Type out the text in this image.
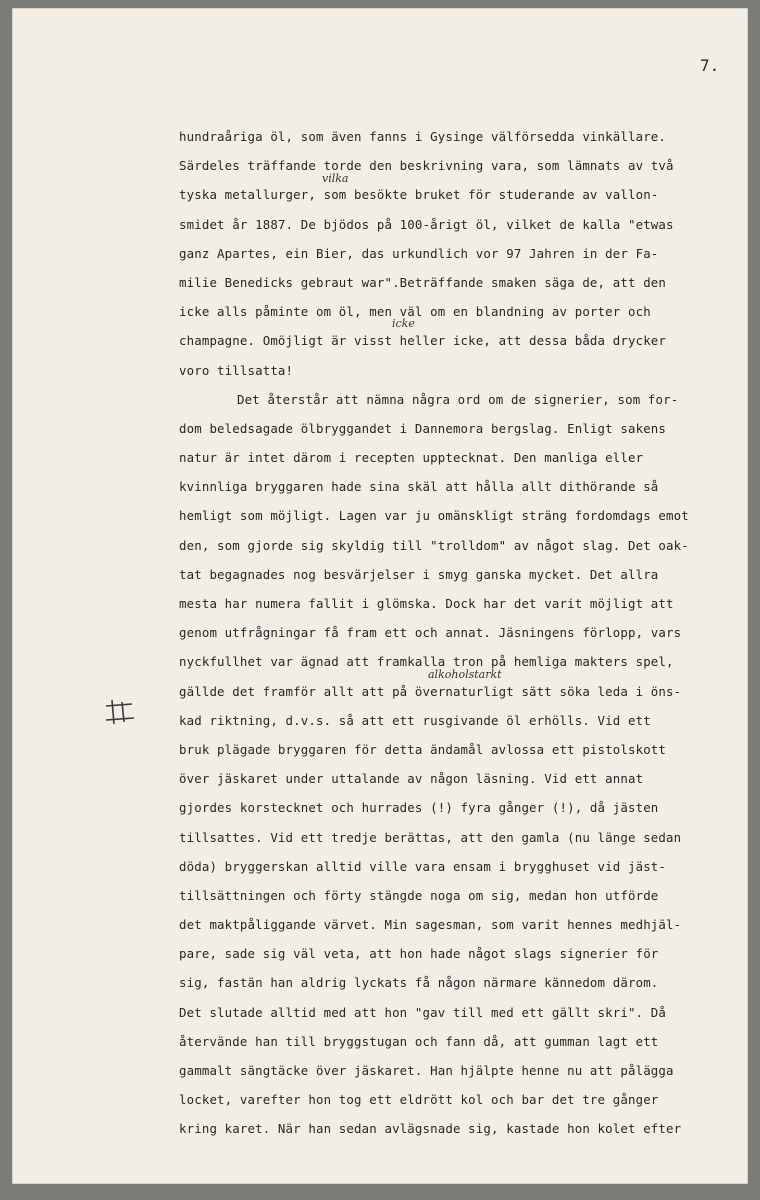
7.
vilka
icke
alkoholstarkt
hundraåriga öl, som även fanns i Gysinge välförsedda vinkällare.
Särdeles träffande torde den beskrivning vara, som lämnats av två
tyska metallurger, som besökte bruket för studerande av vallon-
smidet år 1887. De bjödos på 100-årigt öl, vilket de kalla "etwas
ganz Apartes, ein Bier, das urkundlich vor 97 Jahren in der Fa-
milie Benedicks gebraut war".Beträffande smaken säga de, att den
icke alls påminte om öl, men väl om en blandning av porter och
champagne. Omöjligt är visst heller icke, att dessa båda drycker
voro tillsatta!
Det återstår att nämna några ord om de signerier, som for-
dom beledsagade ölbryggandet i Dannemora bergslag. Enligt sakens
natur är intet därom i recepten upptecknat. Den manliga eller
kvinnliga bryggaren hade sina skäl att hålla allt dithörande så
hemligt som möjligt. Lagen var ju omänskligt sträng fordomdags emot
den, som gjorde sig skyldig till "trolldom" av något slag. Det oak-
tat begagnades nog besvärjelser i smyg ganska mycket. Det allra
mesta har numera fallit i glömska. Dock har det varit möjligt att
genom utfrågningar få fram ett och annat. Jäsningens förlopp, vars
nyckfullhet var ägnad att framkalla tron på hemliga makters spel,
gällde det framför allt att på övernaturligt sätt söka leda i öns-
kad riktning, d.v.s. så att ett rusgivande öl erhölls. Vid ett
bruk plägade bryggaren för detta ändamål avlossa ett pistolskott
över jäskaret under uttalande av någon läsning. Vid ett annat
gjordes korstecknet och hurrades (!) fyra gånger (!), då jästen
tillsattes. Vid ett tredje berättas, att den gamla (nu länge sedan
döda) bryggerskan alltid ville vara ensam i brygghuset vid jäst-
tillsättningen och förty stängde noga om sig, medan hon utförde
det maktpåliggande värvet. Min sagesman, som varit hennes medhjäl-
pare, sade sig väl veta, att hon hade något slags signerier för
sig, fastän han aldrig lyckats få någon närmare kännedom därom.
Det slutade alltid med att hon "gav till med ett gällt skri". Då
återvände han till bryggstugan och fann då, att gumman lagt ett
gammalt sängtäcke över jäskaret. Han hjälpte henne nu att pålägga
locket, varefter hon tog ett eldrött kol och bar det tre gånger
kring karet. När han sedan avlägsnade sig, kastade hon kolet efter
